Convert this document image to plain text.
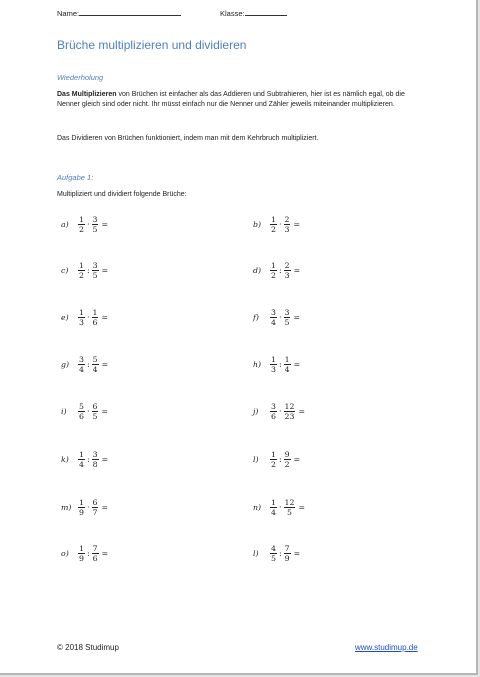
Name:	Klasse:
Brüche multiplizieren und dividieren
Wiederholung
Das Multiplizieren von Brüchen ist einfacher als das Addieren und Subtrahieren, hier ist es nämlich egal, ob die Nenner gleich sind oder nicht. Ihr müsst einfach nur die Nenner und Zähler jeweils miteinander multiplizieren.
Das Dividieren von Brüchen funktioniert, indem man mit dem Kehrbruch multipliziert.
Aufgabe 1:
Multipliziert und dividiert folgende Brüche:
a)	$\frac{1}{2} \cdot \frac{3}{5}$ =	b)	$\frac{1}{2} \cdot \frac{2}{3}$ =
c)	$\frac{1}{2}$ : $\frac{3}{5}$ =	d)	$\frac{1}{2}$ : $\frac{2}{3}$ =
e)	$\frac{1}{3} \cdot \frac{1}{6}$ =	f)	$\frac{3}{4} \cdot \frac{3}{5}$ =
g)	$\frac{3}{4}$ : $\frac{5}{4}$ =	h)	$\frac{1}{3}$ : $\frac{1}{4}$ =
i)	$\frac{5}{6} \cdot \frac{6}{5}$ =	j)	$\frac{3}{6} \cdot \frac{12}{23}$ =
k)	$\frac{1}{4}$ : $\frac{3}{8}$ =	l)	$\frac{1}{2}$ : $\frac{9}{2}$ =
$m) \frac{1}{9} \cdot \frac{6}{7}$ =	n)	$\frac{1}{4} \cdot \frac{12}{5}$ =
o)	$\frac{1}{9}$ : $\frac{7}{6}$ =	l)	$\frac{4}{5}$ : $\frac{7}{9}$ =
© 2018 Studimup	www.studimup.de
